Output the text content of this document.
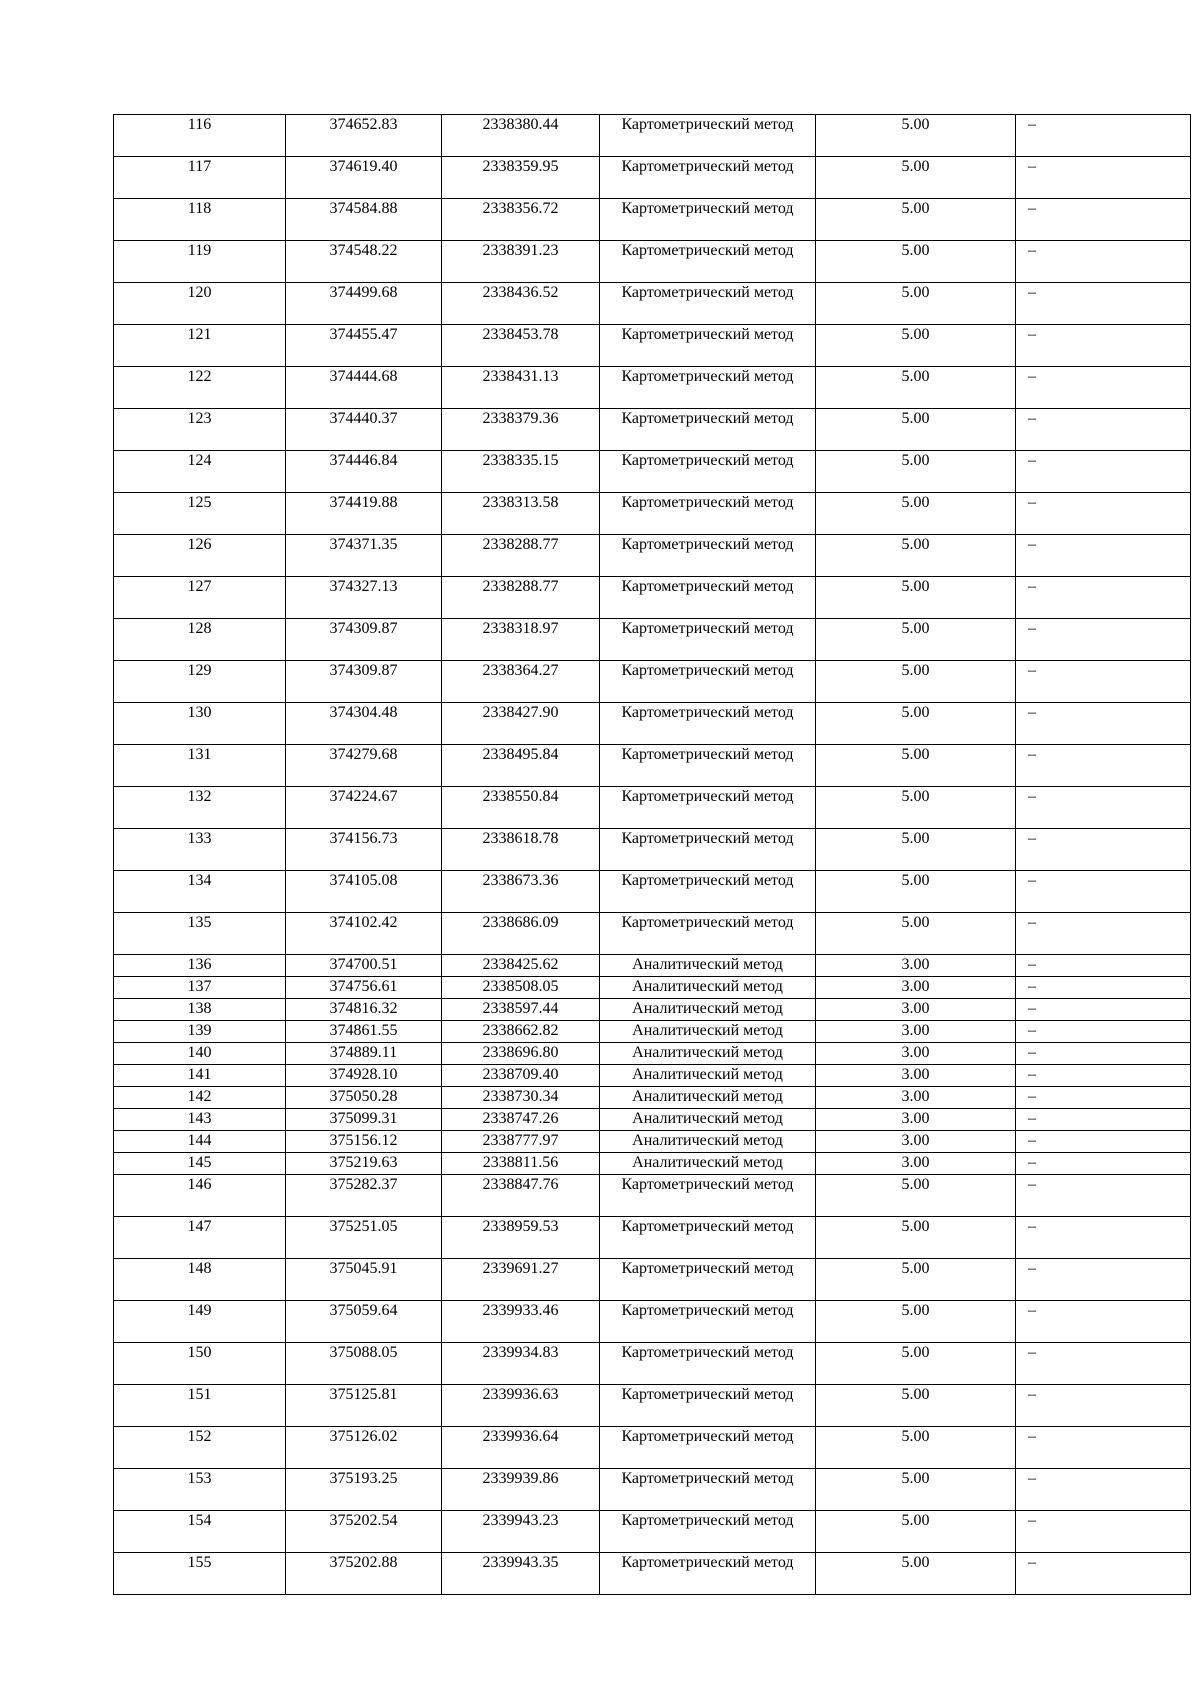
116	374652.83	2338380.44	Картометрический метод	5.00	–
117	374619.40	2338359.95	Картометрический метод	5.00	–
118	374584.88	2338356.72	Картометрический метод	5.00	–
119	374548.22	2338391.23	Картометрический метод	5.00	–
120	374499.68	2338436.52	Картометрический метод	5.00	–
121	374455.47	2338453.78	Картометрический метод	5.00	–
122	374444.68	2338431.13	Картометрический метод	5.00	–
123	374440.37	2338379.36	Картометрический метод	5.00	–
124	374446.84	2338335.15	Картометрический метод	5.00	–
125	374419.88	2338313.58	Картометрический метод	5.00	–
126	374371.35	2338288.77	Картометрический метод	5.00	–
127	374327.13	2338288.77	Картометрический метод	5.00	–
128	374309.87	2338318.97	Картометрический метод	5.00	–
129	374309.87	2338364.27	Картометрический метод	5.00	–
130	374304.48	2338427.90	Картометрический метод	5.00	–
131	374279.68	2338495.84	Картометрический метод	5.00	–
132	374224.67	2338550.84	Картометрический метод	5.00	–
133	374156.73	2338618.78	Картометрический метод	5.00	–
134	374105.08	2338673.36	Картометрический метод	5.00	–
135	374102.42	2338686.09	Картометрический метод	5.00	–
136	374700.51	2338425.62	Аналитический метод	3.00	–
137	374756.61	2338508.05	Аналитический метод	3.00	–
138	374816.32	2338597.44	Аналитический метод	3.00	–
139	374861.55	2338662.82	Аналитический метод	3.00	–
140	374889.11	2338696.80	Аналитический метод	3.00	–
141	374928.10	2338709.40	Аналитический метод	3.00	–
142	375050.28	2338730.34	Аналитический метод	3.00	–
143	375099.31	2338747.26	Аналитический метод	3.00	–
144	375156.12	2338777.97	Аналитический метод	3.00	–
145	375219.63	2338811.56	Аналитический метод	3.00	–
146	375282.37	2338847.76	Картометрический метод	5.00	–
147	375251.05	2338959.53	Картометрический метод	5.00	–
148	375045.91	2339691.27	Картометрический метод	5.00	–
149	375059.64	2339933.46	Картометрический метод	5.00	–
150	375088.05	2339934.83	Картометрический метод	5.00	–
151	375125.81	2339936.63	Картометрический метод	5.00	–
152	375126.02	2339936.64	Картометрический метод	5.00	–
153	375193.25	2339939.86	Картометрический метод	5.00	–
154	375202.54	2339943.23	Картометрический метод	5.00	–
155	375202.88	2339943.35	Картометрический метод	5.00	–
